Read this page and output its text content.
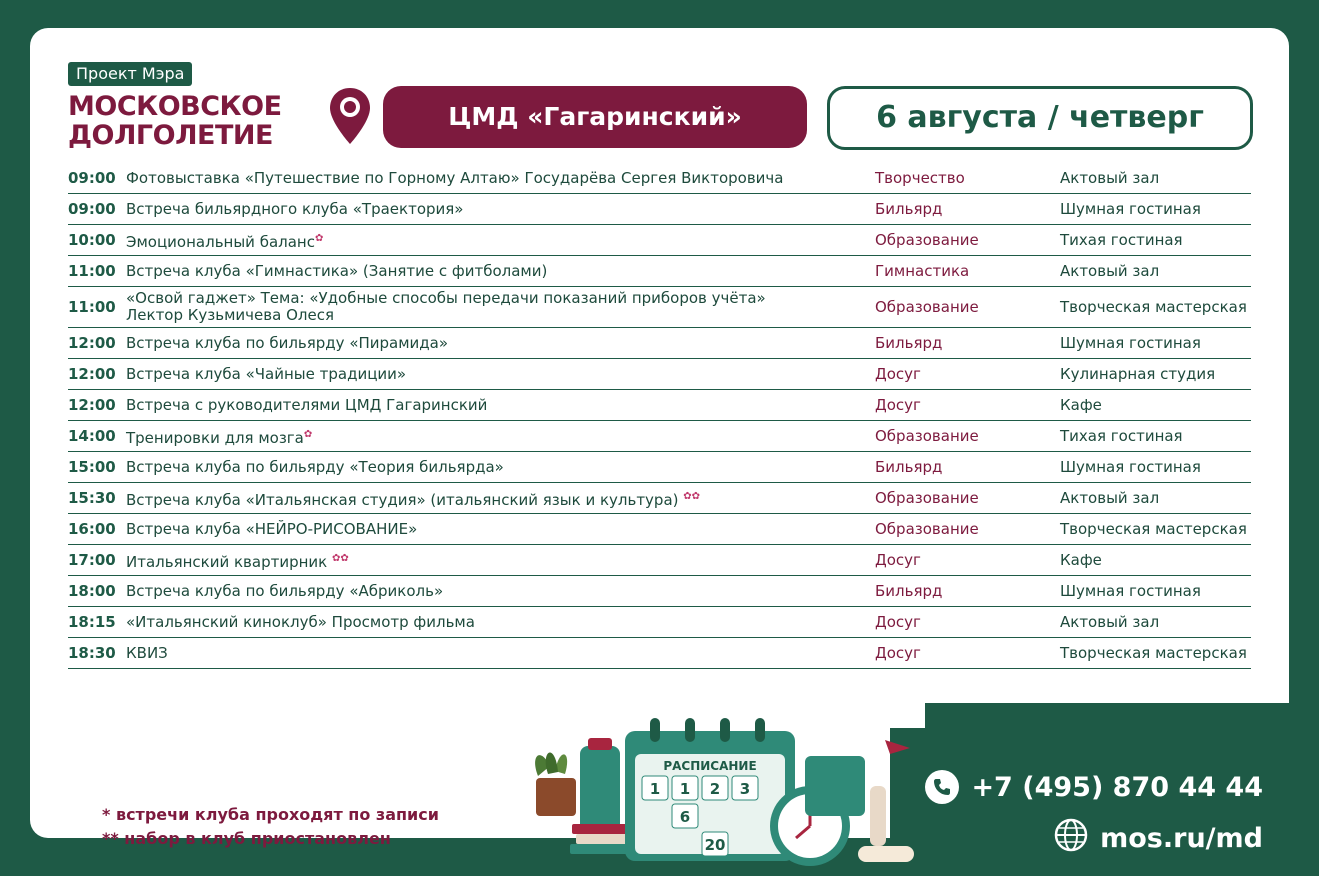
Проект Мэра
МОСКОВСКОЕ
ДОЛГОЛЕТИЕ
ЦМД «Гагаринский»	6 августа / четверг
09:00 Фотовыставка «Путешествие по Горному Алтаю» Государёва Сергея Викторовича	Творчество	Актовый зал
09:00 Встреча бильярдного клуба «Траектория»	Бильярд	Шумная гостиная
10:00 Эмоциональный баланс✿	Образование	Тихая гостиная
11:00 Встреча клуба «Гимнастика» (Занятие с фитболами)	Гимнастика	Актовый зал
11:00 «Освой гаджет» Тема: «Удобные способы передачи показаний приборов учёта»
Лектор Кузьмичева Олеся	Образование	Творческая мастерская
12:00 Встреча клуба по бильярду «Пирамида»	Бильярд	Шумная гостиная
12:00 Встреча клуба «Чайные традиции»	Досуг	Кулинарная студия
12:00 Встреча с руководителями ЦМД Гагаринский	Досуг	Кафе
14:00 Тренировки для мозга✿	Образование	Тихая гостиная
15:00 Встреча клуба по бильярду «Теория бильярда»	Бильярд	Шумная гостиная
15:30 Встреча клуба «Итальянская студия» (итальянский язык и культура) ✿✿	Образование	Актовый зал
16:00 Встреча клуба «НЕЙРО-РИСОВАНИЕ»	Образование	Творческая мастерская
17:00 Итальянский квартирник ✿✿	Досуг	Кафе
18:00 Встреча клуба по бильярду «Абриколь»	Бильярд	Шумная гостиная
18:15 «Итальянский киноклуб» Просмотр фильма	Досуг	Актовый зал
18:30 КВИЗ	Досуг	Творческая мастерская
* встречи клуба проходят по записи
** набор в клуб приостановлен
РАСПИСАНИЕ
1 1 2 3
6
20
+7 (495) 870 44 44
mos.ru/md
